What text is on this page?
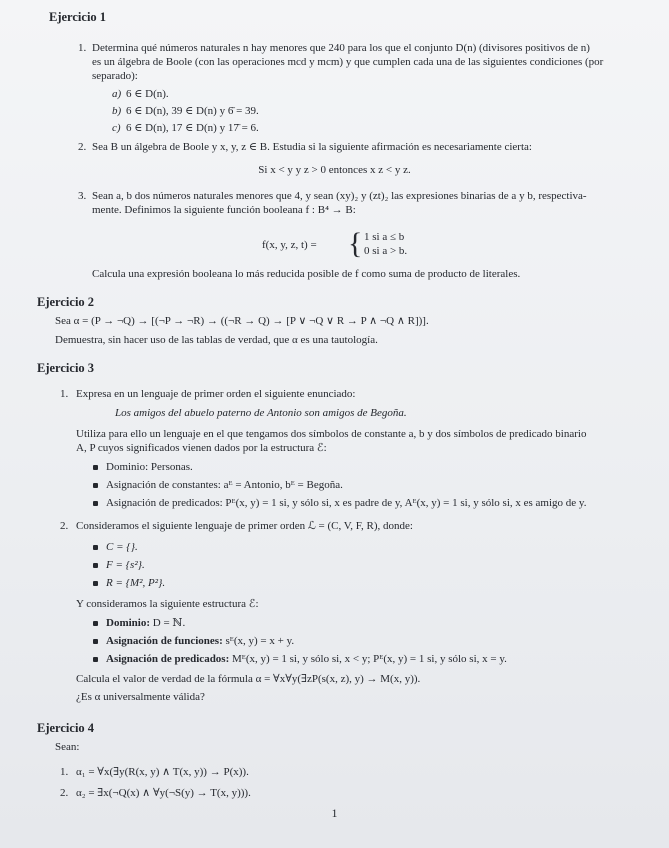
Ejercicio 1
1. Determina qué números naturales n hay menores que 240 para los que el conjunto D(n) (divisores positivos de n)
es un álgebra de Boole (con las operaciones mcd y mcm) y que cumplen cada una de las siguientes condiciones (por
separado):
a) 6 ∈ D(n).
b) 6 ∈ D(n), 39 ∈ D(n) y 6̄ = 39.
c) 6 ∈ D(n), 17 ∈ D(n) y 17̄ = 6.
2. Sea B un álgebra de Boole y x, y, z ∈ B. Estudia si la siguiente afirmación es necesariamente cierta:
Si x < y y z > 0 entonces x z < y z.
3. Sean a, b dos números naturales menores que 4, y sean (xy)₂ y (zt)₂ las expresiones binarias de a y b, respectiva-
mente. Definimos la siguiente función booleana f : B⁴ → B:
f(x, y, z, t) = { 1 si a ≤ b
0 si a > b.
Calcula una expresión booleana lo más reducida posible de f como suma de producto de literales.
Ejercicio 2
Sea α = (P → ¬Q) → [(¬P → ¬R) → ((¬R → Q) → [P ∨ ¬Q ∨ R → P ∧ ¬Q ∧ R])].
Demuestra, sin hacer uso de las tablas de verdad, que α es una tautología.
Ejercicio 3
1. Expresa en un lenguaje de primer orden el siguiente enunciado:
Los amigos del abuelo paterno de Antonio son amigos de Begoña.
Utiliza para ello un lenguaje en el que tengamos dos símbolos de constante a, b y dos símbolos de predicado binario
A, P cuyos significados vienen dados por la estructura ℰ:
Dominio: Personas.
Asignación de constantes: aᴱ = Antonio, bᴱ = Begoña.
Asignación de predicados: Pᴱ(x, y) = 1 si, y sólo si, x es padre de y, Aᴱ(x, y) = 1 si, y sólo si, x es amigo de y.
2. Consideramos el siguiente lenguaje de primer orden ℒ = (C, V, F, R), donde:
C = {}.
F = {s²}.
R = {M², P²}.
Y consideramos la siguiente estructura ℰ:
Dominio: D = ℕ.
Asignación de funciones: sᴱ(x, y) = x + y.
Asignación de predicados: Mᴱ(x, y) = 1 si, y sólo si, x < y; Pᴱ(x, y) = 1 si, y sólo si, x = y.
Calcula el valor de verdad de la fórmula α = ∀x∀y(∃zP(s(x, z), y) → M(x, y)).
¿Es α universalmente válida?
Ejercicio 4
Sean:
1. α₁ = ∀x(∃y(R(x, y) ∧ T(x, y)) → P(x)).
2. α₂ = ∃x(¬Q(x) ∧ ∀y(¬S(y) → T(x, y))).
1
